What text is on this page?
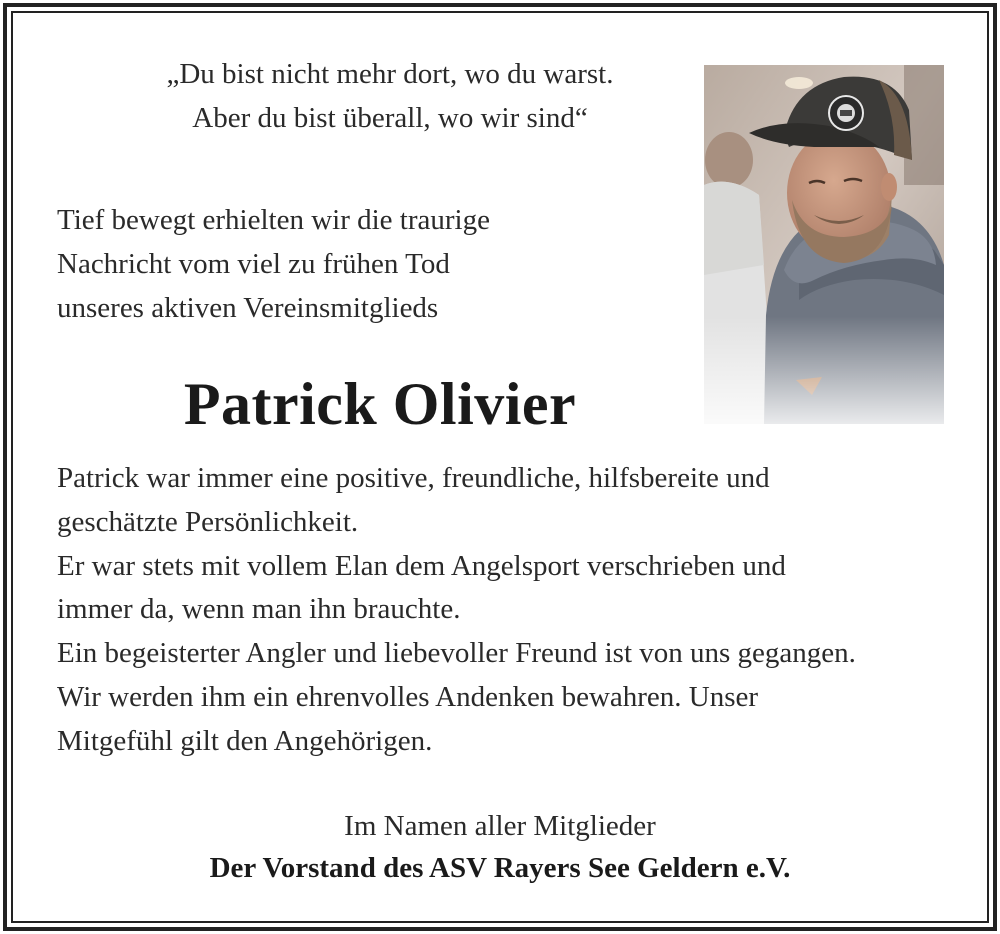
„Du bist nicht mehr dort, wo du warst.
Aber du bist überall, wo wir sind“
Tief bewegt erhielten wir die traurige
Nachricht vom viel zu frühen Tod
unseres aktiven Vereinsmitglieds
Patrick Olivier
Patrick war immer eine positive, freundliche, hilfsbereite und
geschätzte Persönlichkeit.
Er war stets mit vollem Elan dem Angelsport verschrieben und
immer da, wenn man ihn brauchte.
Ein begeisterter Angler und liebevoller Freund ist von uns gegangen.
Wir werden ihm ein ehrenvolles Andenken bewahren. Unser
Mitgefühl gilt den Angehörigen.
Im Namen aller Mitglieder
Der Vorstand des ASV Rayers See Geldern e.V.
